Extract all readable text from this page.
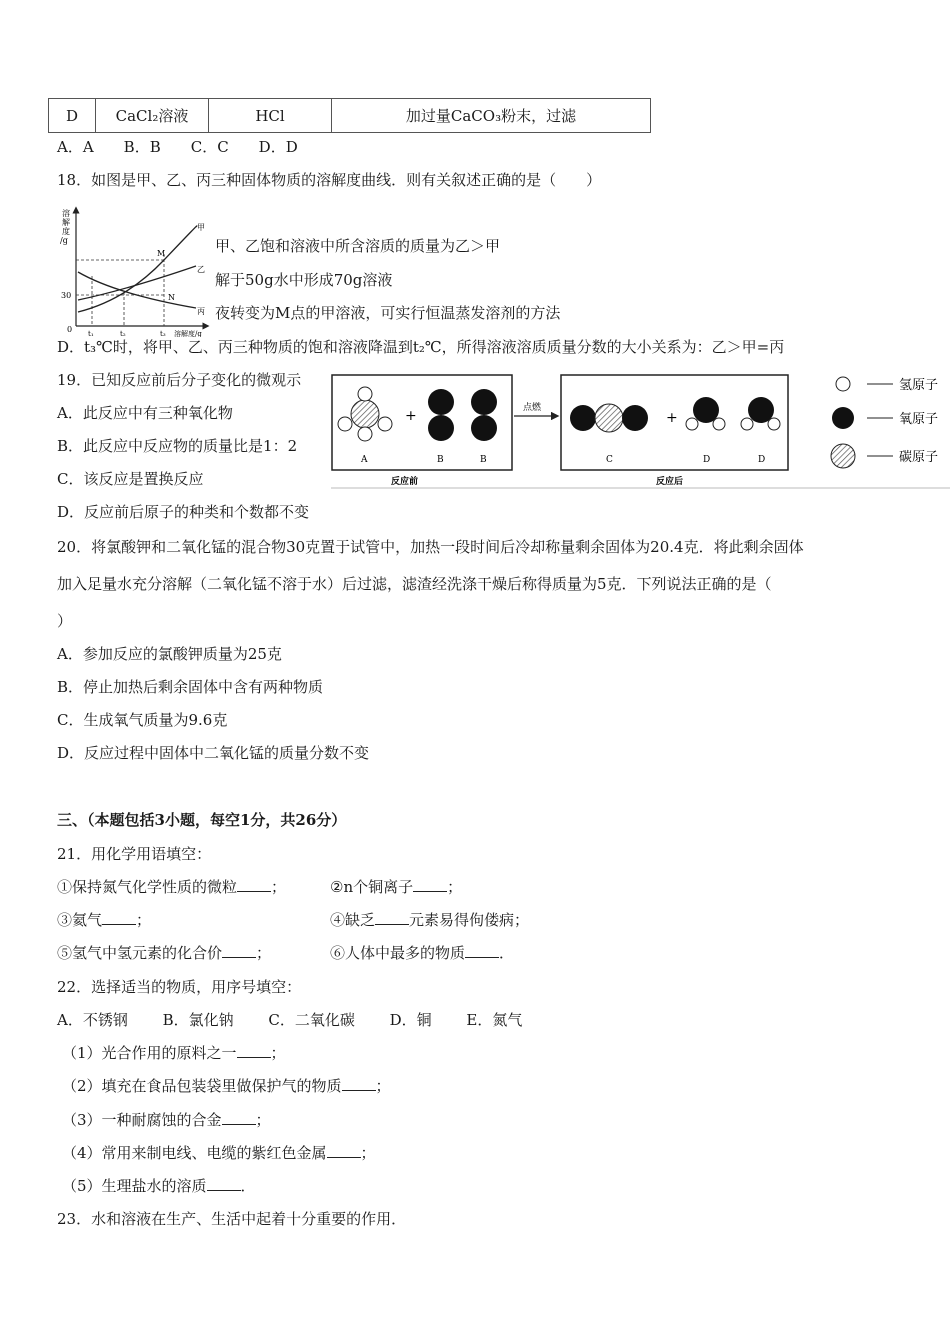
D	CaCl₂溶液	HCl	加过量CaCO₃粉末，过滤
A．A　　B．B　　C．C　　D．D
18．如图是甲、乙、丙三种固体物质的溶解度曲线．则有关叙述正确的是（　　）
甲、乙饱和溶液中所含溶质的质量为乙＞甲
解于50g水中形成70g溶液
夜转变为M点的甲溶液，可实行恒温蒸发溶剂的方法
D．t₃℃时，将甲、乙、丙三种物质的饱和溶液降温到t₂℃，所得溶液溶质质量分数的大小关系为：乙＞甲=丙
溶
解
度
/g
30
0 t₁	t₂	t₃ 溶解度/g
甲
乙
丙
M
N
19．已知反应前后分子变化的微观示
A．此反应中有三种氧化物
B．此反应中反应物的质量比是1：2
C．该反应是置换反应
D．反应前后原子的种类和个数都不变
+
A	B	B
点燃
+
C	D	D
反应前	反应后
氢原子
氧原子
碳原子
20．将氯酸钾和二氧化锰的混合物30克置于试管中，加热一段时间后冷却称量剩余固体为20.4克．将此剩余固体
加入足量水充分溶解（二氧化锰不溶于水）后过滤，滤渣经洗涤干燥后称得质量为5克．下列说法正确的是（
）
A．参加反应的氯酸钾质量为25克
B．停止加热后剩余固体中含有两种物质
C．生成氧气质量为9.6克
D．反应过程中固体中二氧化锰的质量分数不变
三、（本题包括3小题，每空1分，共26分）
21．用化学用语填空：
①保持氮气化学性质的微粒 ；	②n个铜离子 ；
③氦气 ；	④缺乏 元素易得佝偻病；
⑤氢气中氢元素的化合价 ；	⑥人体中最多的物质 ．
22．选择适当的物质，用序号填空：
A．不锈钢　　 B．氯化钠　　 C．二氧化碳　　 D．铜　　 E．氮气
（1）光合作用的原料之一 ；
（2）填充在食品包装袋里做保护气的物质 ；
（3）一种耐腐蚀的合金 ；
（4）常用来制电线、电缆的紫红色金属 ；
（5）生理盐水的溶质 ．
23．水和溶液在生产、生活中起着十分重要的作用．
